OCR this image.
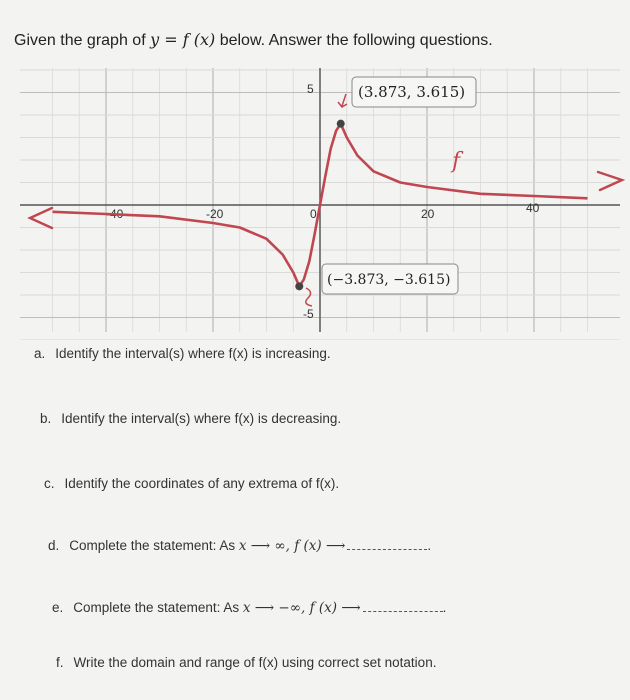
Given the graph of y = f (x) below. Answer the following questions.
-40	-20	0	20	40
5
-5
(3.873, 3.615)
(−3.873, −3.615)
f
a. Identify the interval(s) where f(x) is increasing.
b. Identify the interval(s) where f(x) is decreasing.
c. Identify the coordinates of any extrema of f(x).
d. Complete the statement: As x ⟶ ∞, f (x) ⟶	.
e. Complete the statement: As x ⟶ −∞, f (x) ⟶	.
f. Write the domain and range of f(x) using correct set notation.
